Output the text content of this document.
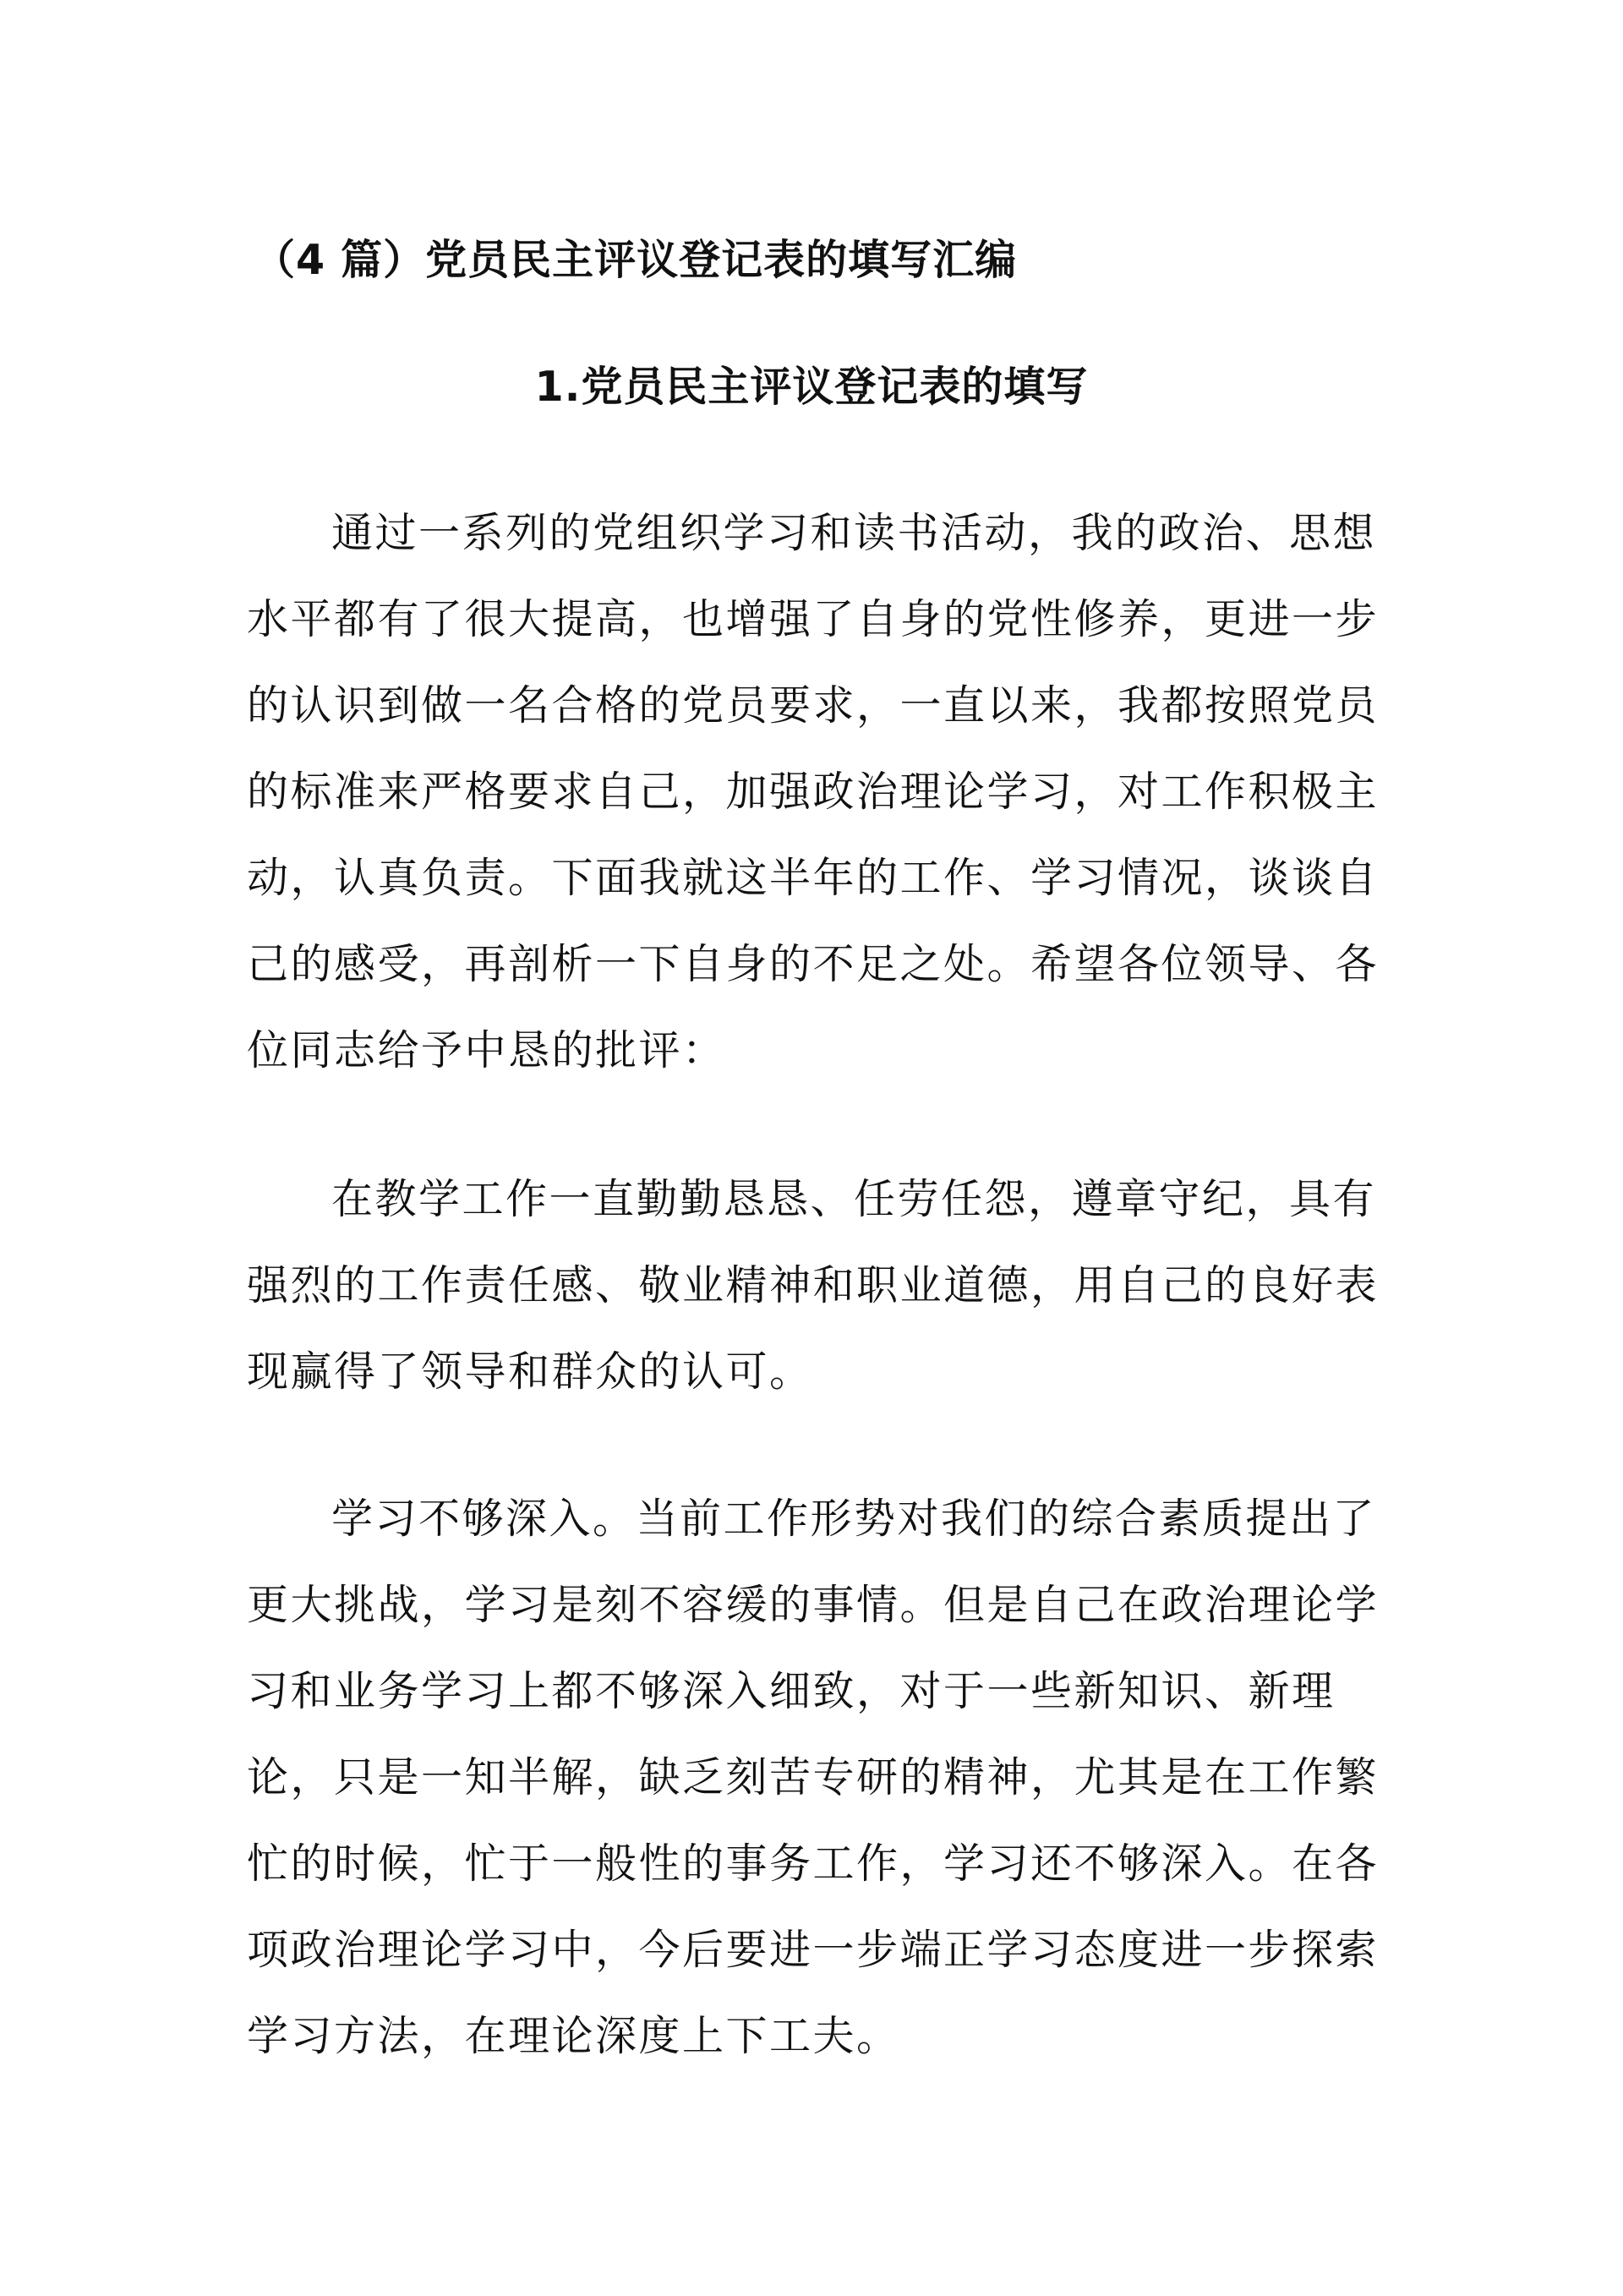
（4 篇）党员民主评议登记表的填写汇编
1.党员民主评议登记表的填写

通过一系列的党组织学习和读书活动，我的政治、思想水平都有了很大提高，也增强了自身的党性修养，更进一步的认识到做一名合格的党员要求，一直以来，我都按照党员的标准来严格要求自己，加强政治理论学习，对工作积极主动，认真负责。下面我就这半年的工作、学习情况，谈谈自己的感受，再剖析一下自身的不足之处。希望各位领导、各位同志给予中恳的批评：

在教学工作一直勤勤恳恳、任劳任怨，遵章守纪，具有强烈的工作责任感、敬业精神和职业道德，用自己的良好表现赢得了领导和群众的认可。

学习不够深入。当前工作形势对我们的综合素质提出了更大挑战，学习是刻不容缓的事情。但是自己在政治理论学习和业务学习上都不够深入细致，对于一些新知识、新理论，只是一知半解，缺乏刻苦专研的精神，尤其是在工作繁忙的时候，忙于一般性的事务工作，学习还不够深入。在各项政治理论学习中，今后要进一步端正学习态度进一步探索学习方法，在理论深度上下工夫。
